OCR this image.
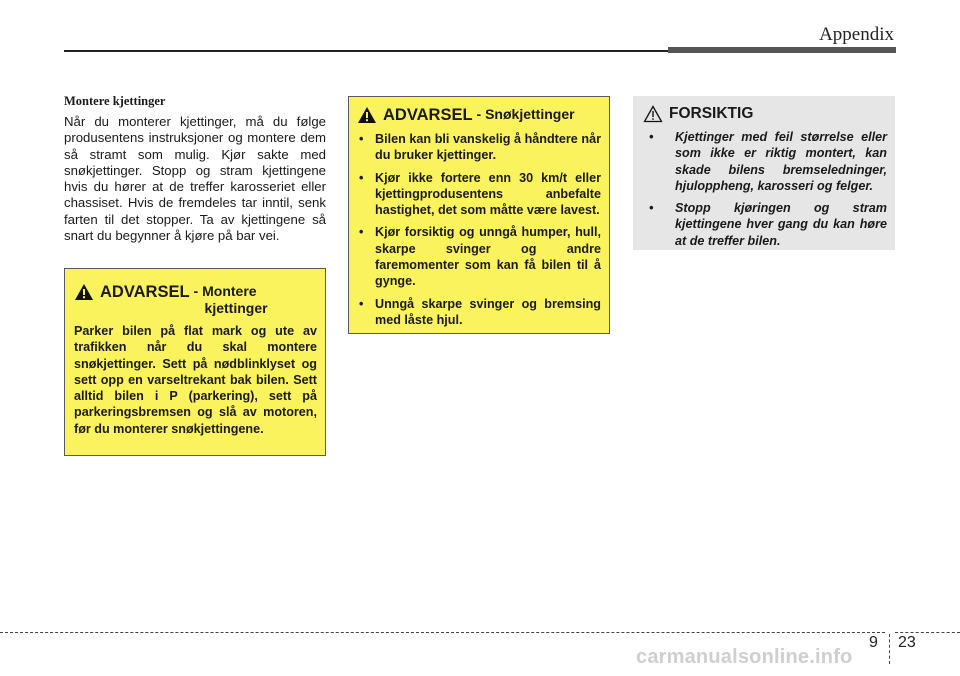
Appendix
Montere kjettinger

Når du monterer kjettinger, må du følge produsentens instruksjoner og montere dem så stramt som mulig. Kjør sakte med snøkjettinger. Stopp og stram kjettingene hvis du hører at de treffer karosseriet eller chassiset. Hvis de fremdeles tar inntil, senk farten til det stopper. Ta av kjettingene så snart du begynner å kjøre på bar vei.

ADVARSEL - Montere
kjettinger

Parker bilen på flat mark og ute av trafikken når du skal montere snøkjettinger. Sett på nødblinklyset og sett opp en varseltrekant bak bilen. Sett alltid bilen i P (parkering), sett på parkeringsbremsen og slå av motoren, før du monterer snøkjettingene.

ADVARSEL - Snøkjettinger
• Bilen kan bli vanskelig å håndtere når du bruker kjettinger.
• Kjør ikke fortere enn 30 km/t eller kjettingprodusentens anbefalte hastighet, det som måtte være lavest.
• Kjør forsiktig og unngå humper, hull, skarpe svinger og andre faremomenter som kan få bilen til å gynge.
• Unngå skarpe svinger og bremsing med låste hjul.
FORSIKTIG
• Kjettinger med feil størrelse eller som ikke er riktig montert, kan skade bilens bremseledninger, hjuloppheng, karosseri og felger.
• Stopp kjøringen og stram kjettingene hver gang du kan høre at de treffer bilen.
9 23
carmanualsonline.info
